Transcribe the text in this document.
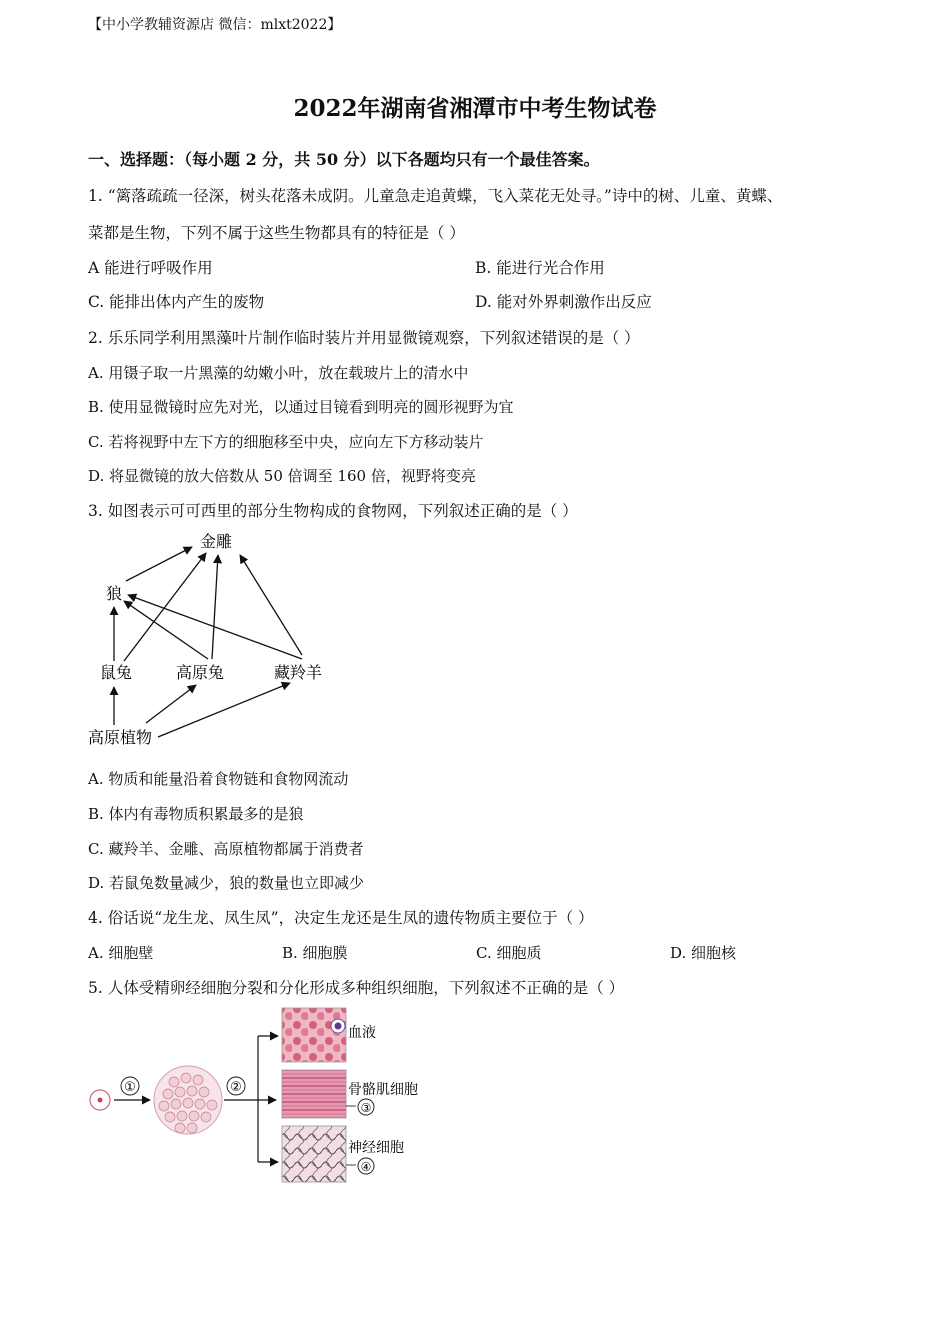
【中小学教辅资源店 微信：mlxt2022】
2022年湖南省湘潭市中考生物试卷
一、选择题：（每小题 2 分，共 50 分）以下各题均只有一个最佳答案。
1. “篱落疏疏一径深，树头花落未成阴。儿童急走追黄蝶，飞入菜花无处寻。”诗中的树、儿童、黄蝶、
菜都是生物，下列不属于这些生物都具有的特征是（ ）
A 能进行呼吸作用	B. 能进行光合作用
C. 能排出体内产生的废物	D. 能对外界刺激作出反应
2. 乐乐同学利用黑藻叶片制作临时装片并用显微镜观察，下列叙述错误的是（ ）
A. 用镊子取一片黑藻的幼嫩小叶，放在载玻片上的清水中
B. 使用显微镜时应先对光，以通过目镜看到明亮的圆形视野为宜
C. 若将视野中左下方的细胞移至中央，应向左下方移动装片
D. 将显微镜的放大倍数从 50 倍调至 160 倍，视野将变亮
3. 如图表示可可西里的部分生物构成的食物网，下列叙述正确的是（ ）
金雕
狼
鼠兔	高原兔	藏羚羊
高原植物
A. 物质和能量沿着食物链和食物网流动
B. 体内有毒物质积累最多的是狼
C. 藏羚羊、金雕、高原植物都属于消费者
D. 若鼠兔数量减少，狼的数量也立即减少
4. 俗话说“龙生龙、凤生凤”，决定生龙还是生凤的遗传物质主要位于（ ）
A. 细胞壁	B. 细胞膜	C. 细胞质	D. 细胞核
5. 人体受精卵经细胞分裂和分化形成多种组织细胞，下列叙述不正确的是（ ）
①	②
血液
骨骼肌细胞
③
神经细胞
④
